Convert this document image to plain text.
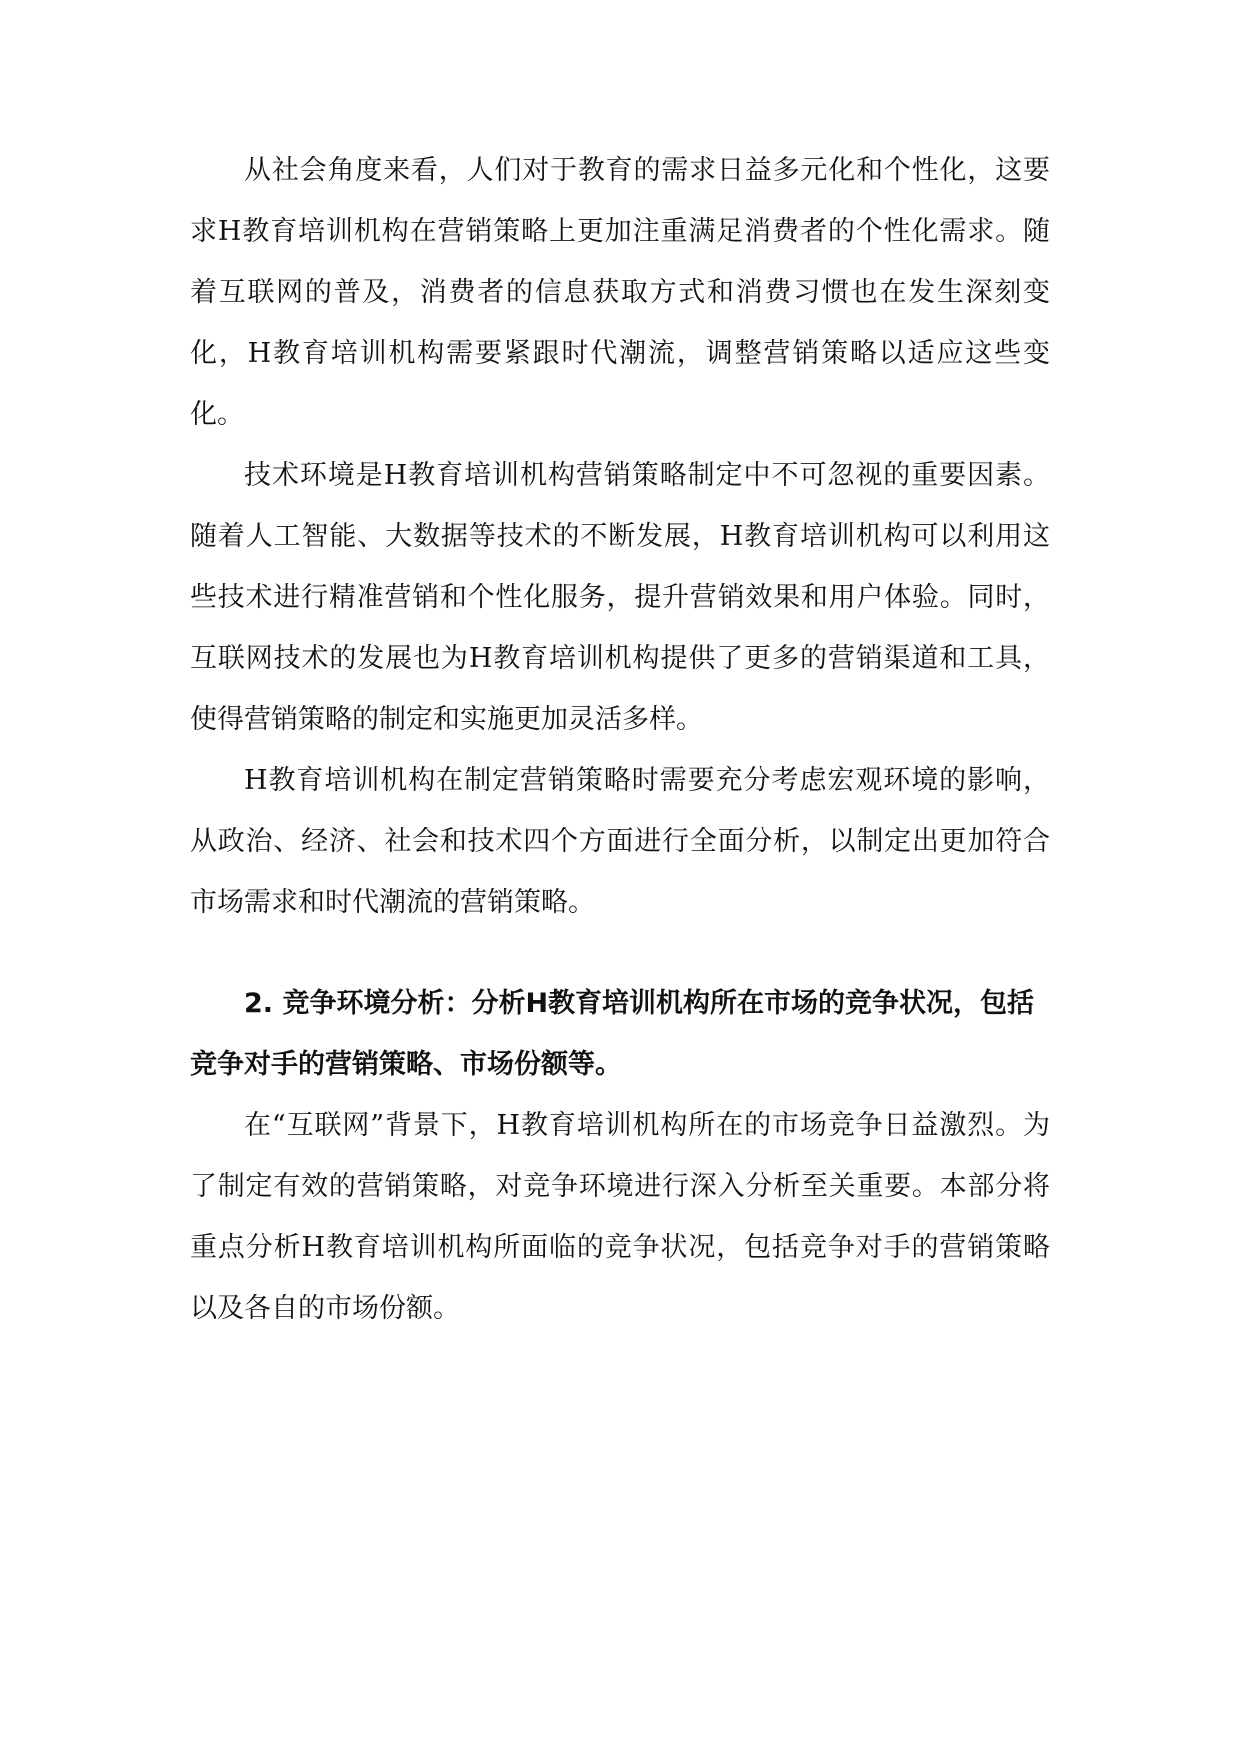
从社会角度来看，人们对于教育的需求日益多元化和个性化，这要求H教育培训机构在营销策略上更加注重满足消费者的个性化需求。随着互联网的普及，消费者的信息获取方式和消费习惯也在发生深刻变化，H教育培训机构需要紧跟时代潮流，调整营销策略以适应这些变化。

技术环境是H教育培训机构营销策略制定中不可忽视的重要因素。随着人工智能、大数据等技术的不断发展，H教育培训机构可以利用这些技术进行精准营销和个性化服务，提升营销效果和用户体验。同时，互联网技术的发展也为H教育培训机构提供了更多的营销渠道和工具，使得营销策略的制定和实施更加灵活多样。

H教育培训机构在制定营销策略时需要充分考虑宏观环境的影响，从政治、经济、社会和技术四个方面进行全面分析，以制定出更加符合市场需求和时代潮流的营销策略。

2. 竞争环境分析：分析H教育培训机构所在市场的竞争状况，包括竞争对手的营销策略、市场份额等。

在“互联网”背景下，H教育培训机构所在的市场竞争日益激烈。为了制定有效的营销策略，对竞争环境进行深入分析至关重要。本部分将重点分析H教育培训机构所面临的竞争状况，包括竞争对手的营销策略以及各自的市场份额。
